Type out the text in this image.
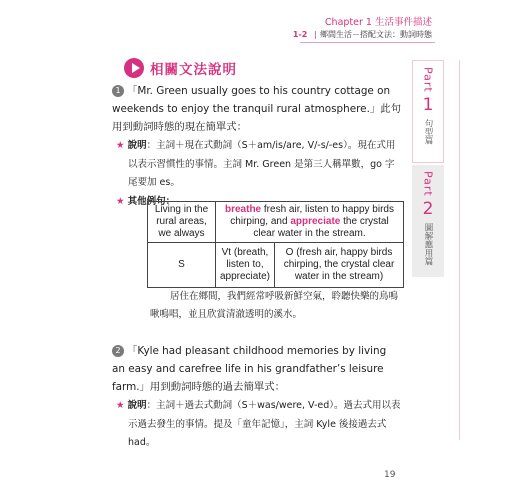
Chapter 1 生活事件描述
1-2 | 鄉間生活－搭配文法：動詞時態
Part
1
句型篇
Part
2
圖解應用篇
相關文法說明
1 「Mr. Green usually goes to his country cottage on weekends to enjoy the tranquil rural atmosphere.」此句用到動詞時態的現在簡單式：
★ 說明：主詞＋現在式動詞（S＋am/is/are, V/-s/-es）。現在式用以表示習慣性的事情。主詞 Mr. Green 是第三人稱單數，go 字尾要加 es。
★ 其他例句：
Living in the rural areas, we always	breathe fresh air, listen to happy birds chirping, and appreciate the crystal clear water in the stream.	
S	Vt (breath, listen to, appreciate)	O (fresh air, happy birds chirping, the crystal clear water in the stream)
居住在鄉間，我們經常呼吸新鮮空氣，聆聽快樂的鳥鳴啾鳴唱，並且欣賞清澈透明的溪水。
2 「Kyle had pleasant childhood memories by living an easy and carefree life in his grandfather’s leisure farm.」用到動詞時態的過去簡單式：
★ 說明：主詞＋過去式動詞（S＋was/were, V-ed）。過去式用以表示過去發生的事情。提及「童年記憶」，主詞 Kyle 後接過去式 had。
19
